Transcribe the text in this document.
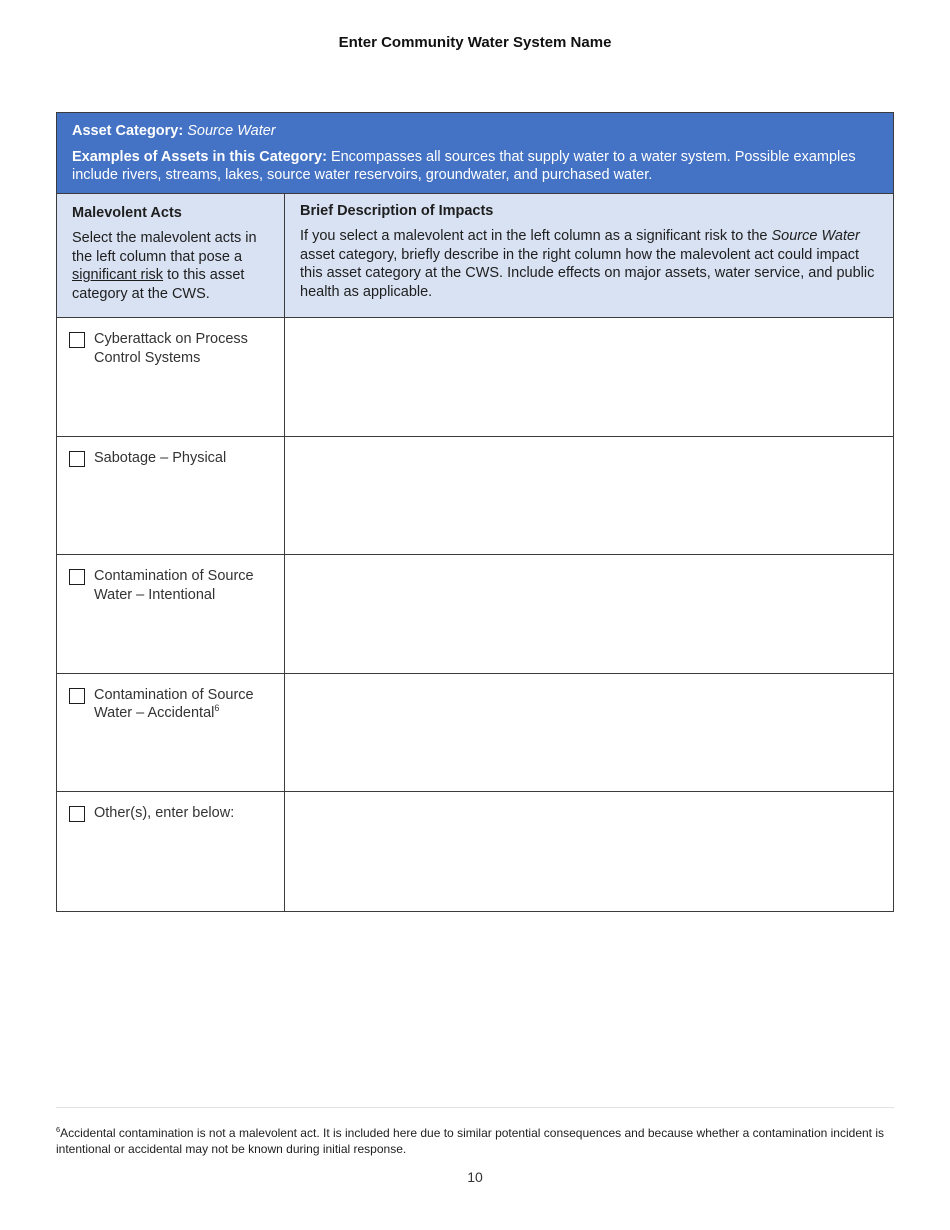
Enter Community Water System Name
Asset Category: Source Water
Examples of Assets in this Category: Encompasses all sources that supply water to a water system. Possible examples include rivers, streams, lakes, source water reservoirs, groundwater, and purchased water.
Malevolent Acts
Select the malevolent acts in the left column that pose a significant risk to this asset category at the CWS.
Brief Description of Impacts
If you select a malevolent act in the left column as a significant risk to the Source Water asset category, briefly describe in the right column how the malevolent act could impact this asset category at the CWS. Include effects on major assets, water service, and public health as applicable.
Cyberattack on Process Control Systems
Sabotage – Physical
Contamination of Source Water – Intentional
Contamination of Source Water – Accidental$^6$
Other(s), enter below:
$^6$Accidental contamination is not a malevolent act. It is included here due to similar potential consequences and because whether a contamination incident is intentional or accidental may not be known during initial response.
10
